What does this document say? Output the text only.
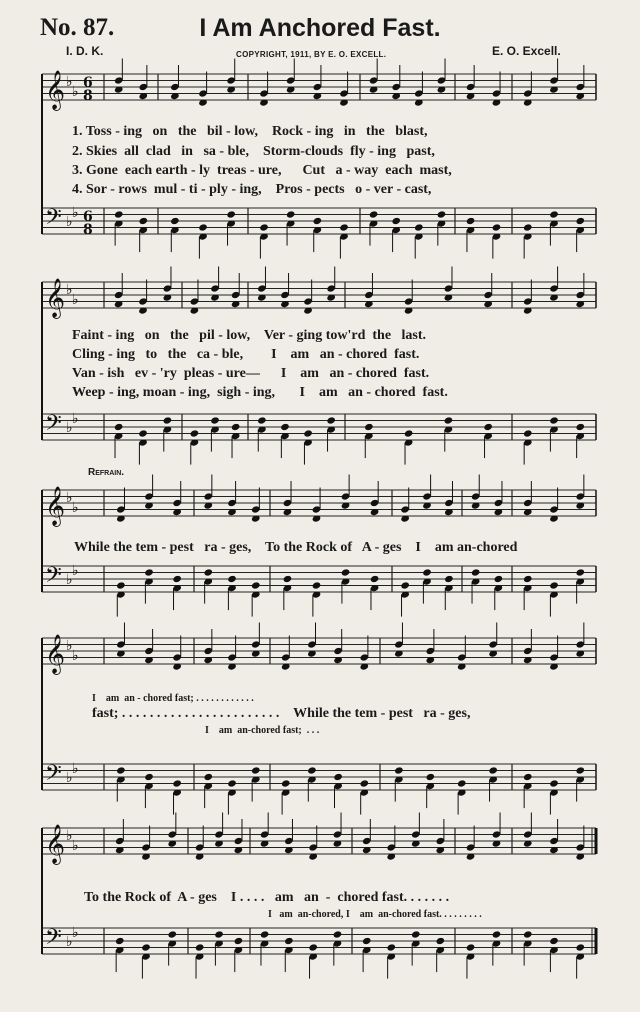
No. 87.	I Am Anchored Fast.
I. D. K.	COPYRIGHT, 1911, BY E. O. EXCELL.	E. O. Excell.
𝄞 ♭
♭
6
8
𝄢 ♭
♭ 6
8
𝄞 ♭
♭
𝄢 ♭
♭
𝄞 ♭
♭
𝄢 ♭
♭
𝄞 ♭
♭
𝄢 ♭
♭
𝄞 ♭
♭
𝄢 ♭
♭
1. Toss - ing   on   the   bil - low,    Rock - ing   in   the   blast,
2. Skies  all  clad   in   sa - ble,    Storm-clouds  fly - ing   past,
3. Gone  each earth - ly  treas - ure,      Cut   a - way  each  mast,
4. Sor - rows  mul - ti - ply - ing,    Pros - pects   o - ver - cast,
Faint - ing   on   the   pil - low,    Ver - ging tow'rd  the   last.
Cling - ing   to   the   ca - ble,        I    am   an - chored  fast.
Van - ish   ev - 'ry  pleas - ure—      I    am   an - chored  fast.
Weep - ing, moan - ing,  sigh - ing,       I    am   an - chored  fast.
Refrain.
While the tem - pest   ra - ges,    To the Rock of   A - ges    I    am an-chored
I    am  an - chored fast; . . . . . . . . . . . .
fast; . . . . . . . . . . . . . . . . . . . . . . .    While the tem - pest   ra - ges,
I    am  an-chored fast;  . . .
To the Rock of  A - ges    I . . . .   am   an  -  chored fast. . . . . . .
I   am  an-chored, I    am  an-chored fast. . . . . . . . .
